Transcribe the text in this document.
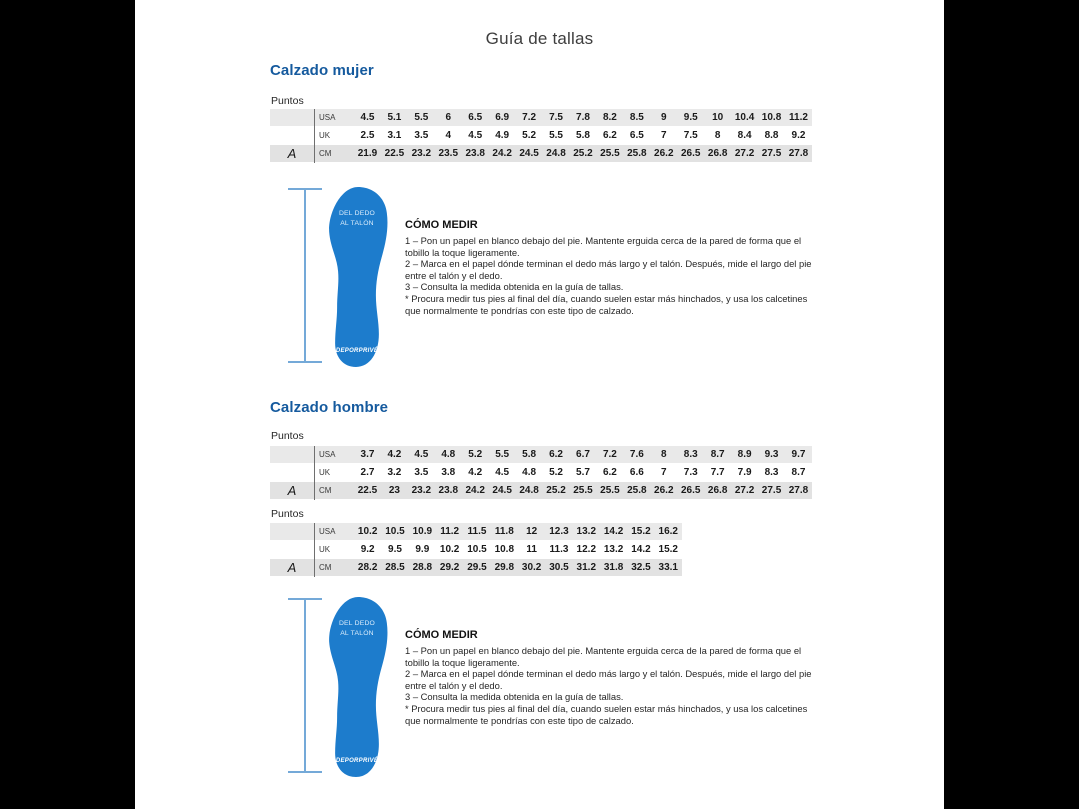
Guía de tallas
Calzado mujer
Puntos
USA	4.5	5.1	5.5	6	6.5	6.9	7.2	7.5	7.8	8.2	8.5	9	9.5	10	10.4 10.8 11.2
UK	2.5	3.1	3.5	4	4.5	4.9	5.2	5.5	5.8	6.2	6.5	7	7.5	8	8.4	8.8	9.2
A	CM	21.9 22.5 23.2 23.5 23.8 24.2 24.5 24.8 25.2 25.5 25.8 26.2 26.5 26.8 27.2 27.5 27.8
DEL DEDO
AL TALÓN
DEPORPRIVÉ
CÓMO MEDIR

1 – Pon un papel en blanco debajo del pie. Mantente erguida cerca de la pared de forma que el tobillo la toque ligeramente.

2 – Marca en el papel dónde terminan el dedo más largo y el talón. Después, mide el largo del pie entre el talón y el dedo.

3 – Consulta la medida obtenida en la guía de tallas.

* Procura medir tus pies al final del día, cuando suelen estar más hinchados, y usa los calcetines que normalmente te pondrías con este tipo de calzado.

Calzado hombre
Puntos
USA	3.7	4.2	4.5	4.8	5.2	5.5	5.8	6.2	6.7	7.2	7.6	8	8.3	8.7	8.9	9.3	9.7
UK	2.7	3.2	3.5	3.8	4.2	4.5	4.8	5.2	5.7	6.2	6.6	7	7.3	7.7	7.9	8.3	8.7
A	CM	22.5	23	23.2 23.8 24.2 24.5 24.8 25.2 25.5 25.5 25.8 26.2 26.5 26.8 27.2 27.5 27.8
Puntos
USA	10.2 10.5 10.9 11.2 11.5 11.8	12	12.3 13.2 14.2 15.2 16.2
UK	9.2	9.5	9.9	10.2 10.5 10.8	11	11.3 12.2 13.2 14.2 15.2
A	CM	28.2 28.5 28.8 29.2 29.5 29.8 30.2 30.5 31.2 31.8 32.5 33.1
DEL DEDO
AL TALÓN
DEPORPRIVÉ
CÓMO MEDIR

1 – Pon un papel en blanco debajo del pie. Mantente erguida cerca de la pared de forma que el tobillo la toque ligeramente.

2 – Marca en el papel dónde terminan el dedo más largo y el talón. Después, mide el largo del pie entre el talón y el dedo.

3 – Consulta la medida obtenida en la guía de tallas.

* Procura medir tus pies al final del día, cuando suelen estar más hinchados, y usa los calcetines que normalmente te pondrías con este tipo de calzado.
